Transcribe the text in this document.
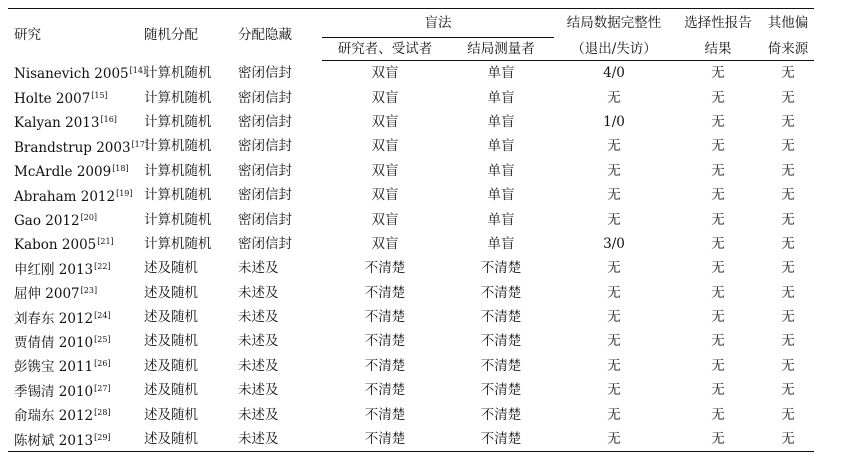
研究	随机分配	分配隐藏	盲法		结局数据完整性	选择性报告	其他偏
			研究者、受试者	结局测量者	（退出/失访）	结果	倚来源
Nisanevich 2005[14]	计算机随机	密闭信封	双盲	单盲	4/0	无	无
Holte 2007[15]	计算机随机	密闭信封	双盲	单盲	无	无	无
Kalyan 2013[16]	计算机随机	密闭信封	双盲	单盲	1/0	无	无
Brandstrup 2003[17]	计算机随机	密闭信封	双盲	单盲	无	无	无
McArdle 2009[18]	计算机随机	密闭信封	双盲	单盲	无	无	无
Abraham 2012[19]	计算机随机	密闭信封	双盲	单盲	无	无	无
Gao 2012[20]	计算机随机	密闭信封	双盲	单盲	无	无	无
Kabon 2005[21]	计算机随机	密闭信封	双盲	单盲	3/0	无	无
申红刚 2013[22]	述及随机	未述及	不清楚	不清楚	无	无	无
屈伸 2007[23]	述及随机	未述及	不清楚	不清楚	无	无	无
刘春东 2012[24]	述及随机	未述及	不清楚	不清楚	无	无	无
贾倩倩 2010[25]	述及随机	未述及	不清楚	不清楚	无	无	无
彭镌宝 2011[26]	述及随机	未述及	不清楚	不清楚	无	无	无
季锡清 2010[27]	述及随机	未述及	不清楚	不清楚	无	无	无
俞瑞东 2012[28]	述及随机	未述及	不清楚	不清楚	无	无	无
陈树斌 2013[29]	述及随机	未述及	不清楚	不清楚	无	无	无
